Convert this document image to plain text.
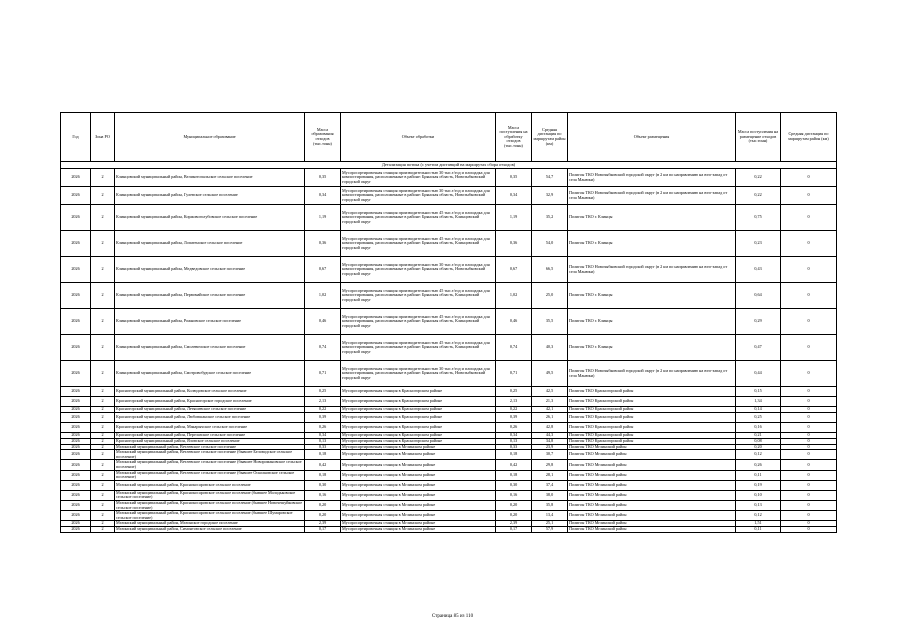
Детализация потока (с учетом дистанций на маршрутах сбора отходов)									
Год	Зона РО	Муниципальное образование	Масса образования отходов (тыс.тонн)	Объект обработки	Масса поступления на обработку отходов (тыс.тонн)	Средняя дистанция по маршрутам район (км)	Объект размещения	Масса поступления на размещение отходов (тыс.тонн)	Средняя дистанция по маршрутам район (км)
2026	2	Клинцовский муниципальный район, Великотопальское сельское поселение	0,35	Мусоросортировочная станция производительностью 30 тыс.т/год и площадка для компостирования, расположенные в районе: Брянская область, Новозыбковский городской округ	0,35	54,7	Полигон ТКО Новозыбковский городской округ (в 2 км по направлению на юго-запад от села Манюки)	0,22	0
2026	2	Клинцовский муниципальный район, Гулевское сельское поселение	0,34	Мусоросортировочная станция производительностью 30 тыс.т/год и площадка для компостирования, расположенные в районе: Брянская область, Новозыбковский городской округ	0,34	32,9	Полигон ТКО Новозыбковский городской округ (в 2 км по направлению на юго-запад от села Манюки)	0,22	0
2026	2	Клинцовский муниципальный район, Коржовоголубовское сельское поселение	1,19	Мусоросортировочная станция производительностью 45 тыс.т/год и площадка для компостирования, расположенные в районе: Брянская область, Клинцовский городской округ	1,19	35,2	Полигон ТКО г. Клинцы	0,75	0
2026	2	Клинцовский муниципальный район, Лопатенское сельское поселение	0,36	Мусоросортировочная станция производительностью 45 тыс.т/год и площадка для компостирования, расположенные в районе: Брянская область, Клинцовский городской округ	0,36	54,0	Полигон ТКО г. Клинцы	0,23	0
2026	2	Клинцовский муниципальный район, Медведовское сельское поселение	0,67	Мусоросортировочная станция производительностью 30 тыс.т/год и площадка для компостирования, расположенные в районе: Брянская область, Новозыбковский городской округ	0,67	66,5	Полигон ТКО Новозыбковский городской округ (в 2 км по направлению на юго-запад от села Манюки)	0,43	0
2026	2	Клинцовский муниципальный район, Первомайское сельское поселение	1,02	Мусоросортировочная станция производительностью 45 тыс.т/год и площадка для компостирования, расположенные в районе: Брянская область, Клинцовский городской округ	1,02	25,0	Полигон ТКО г. Клинцы	0,64	0
2026	2	Клинцовский муниципальный район, Рожновское сельское поселение	0,46	Мусоросортировочная станция производительностью 45 тыс.т/год и площадка для компостирования, расположенные в районе: Брянская область, Клинцовский городской округ	0,46	35,5	Полигон ТКО г. Клинцы	0,29	0
2026	2	Клинцовский муниципальный район, Смолевичское сельское поселение	0,74	Мусоросортировочная станция производительностью 45 тыс.т/год и площадка для компостирования, расположенные в районе: Брянская область, Клинцовский городской округ	0,74	40,3	Полигон ТКО г. Клинцы	0,47	0
2026	2	Клинцовский муниципальный район, Смотровобудское сельское поселение	0,71	Мусоросортировочная станция производительностью 30 тыс.т/год и площадка для компостирования, расположенные в районе: Брянская область, Новозыбковский городской округ	0,71	49,5	Полигон ТКО Новозыбковский городской округ (в 2 км по направлению на юго-запад от села Манюки)	0,44	0
2026	2	Красногорский муниципальный район, Колюдовское сельское поселение	0,25	Мусоросортировочная станция в Красногорском районе	0,25	42,5	Полигон ТКО Красногорский район	0,15	0
2026	2	Красногорский муниципальный район, Красногорское городское поселение	2,13	Мусоросортировочная станция в Красногорском районе	2,13	21,3	Полигон ТКО Красногорский район	1,34	0
2026	2	Красногорский муниципальный район, Летяшевское сельское поселение	0,22	Мусоросортировочная станция в Красногорском районе	0,22	42,1	Полигон ТКО Красногорский район	0,14	0
2026	2	Красногорский муниципальный район, Любовшанское сельское поселение	0,39	Мусоросортировочная станция в Красногорском районе	0,39	26,1	Полигон ТКО Красногорский район	0,25	0
2026	2	Красногорский муниципальный район, Макарычское сельское поселение	0,26	Мусоросортировочная станция в Красногорском районе	0,26	42,8	Полигон ТКО Красногорский район	0,16	0
2026	2	Красногорский муниципальный район, Перелазское сельское поселение	0,34	Мусоросортировочная станция в Красногорском районе	0,34	44,3	Полигон ТКО Красногорский район	0,21	0
2026	2	Красногорский муниципальный район, Яловское сельское поселение	0,13	Мусоросортировочная станция в Красногорском районе	0,13	34,8	Полигон ТКО Красногорский район	0,08	0
2026	2	Мглинский муниципальный район, Ветлевское сельское поселение	0,33	Мусоросортировочная станция в Мглинском районе	0,33	23,9	Полигон ТКО Мглинский район	0,20	0
2026	2	Мглинский муниципальный район, Ветлевское сельское поселение (бывшее Беловодское сельское поселение)	0,18	Мусоросортировочная станция в Мглинском районе	0,18	30,7	Полигон ТКО Мглинский район	0,12	0
2026	2	Мглинский муниципальный район, Ветлевское сельское поселение (бывшее Новоромановское сельское поселение)	0,42	Мусоросортировочная станция в Мглинском районе	0,42	29,8	Полигон ТКО Мглинский район	0,26	0
2026	2	Мглинский муниципальный район, Ветлевское сельское поселение (бывшее Осколковское сельское поселение)	0,18	Мусоросортировочная станция в Мглинском районе	0,18	28,1	Полигон ТКО Мглинский район	0,11	0
2026	2	Мглинский муниципальный район, Краснокосаровское сельское поселение	0,30	Мусоросортировочная станция в Мглинском районе	0,30	37,4	Полигон ТКО Мглинский район	0,19	0
2026	2	Мглинский муниципальный район, Краснокосаровское сельское поселение (бывшее Молодьковское сельское поселение)	0,16	Мусоросортировочная станция в Мглинском районе	0,16	38,0	Полигон ТКО Мглинский район	0,10	0
2026	2	Мглинский муниципальный район, Краснокосаровское сельское поселение (бывшее Новочешуйковское сельское поселение)	0,20	Мусоросортировочная станция в Мглинском районе	0,20	35,8	Полигон ТКО Мглинский район	0,13	0
2026	2	Мглинский муниципальный район, Краснокосаровское сельское поселение (бывшее Шумаровское сельское поселение)	0,20	Мусоросортировочная станция в Мглинском районе	0,20	13,4	Полигон ТКО Мглинский район	0,12	0
2026	2	Мглинский муниципальный район, Мглинское городское поселение	2,39	Мусоросортировочная станция в Мглинском районе	2,39	25,1	Полигон ТКО Мглинский район	1,51	0
2026	2	Мглинский муниципальный район, Симонтовское сельское поселение	0,17	Мусоросортировочная станция в Мглинском районе	0,17	57,9	Полигон ТКО Мглинский район	0,11	0
Страница 85 из 110
